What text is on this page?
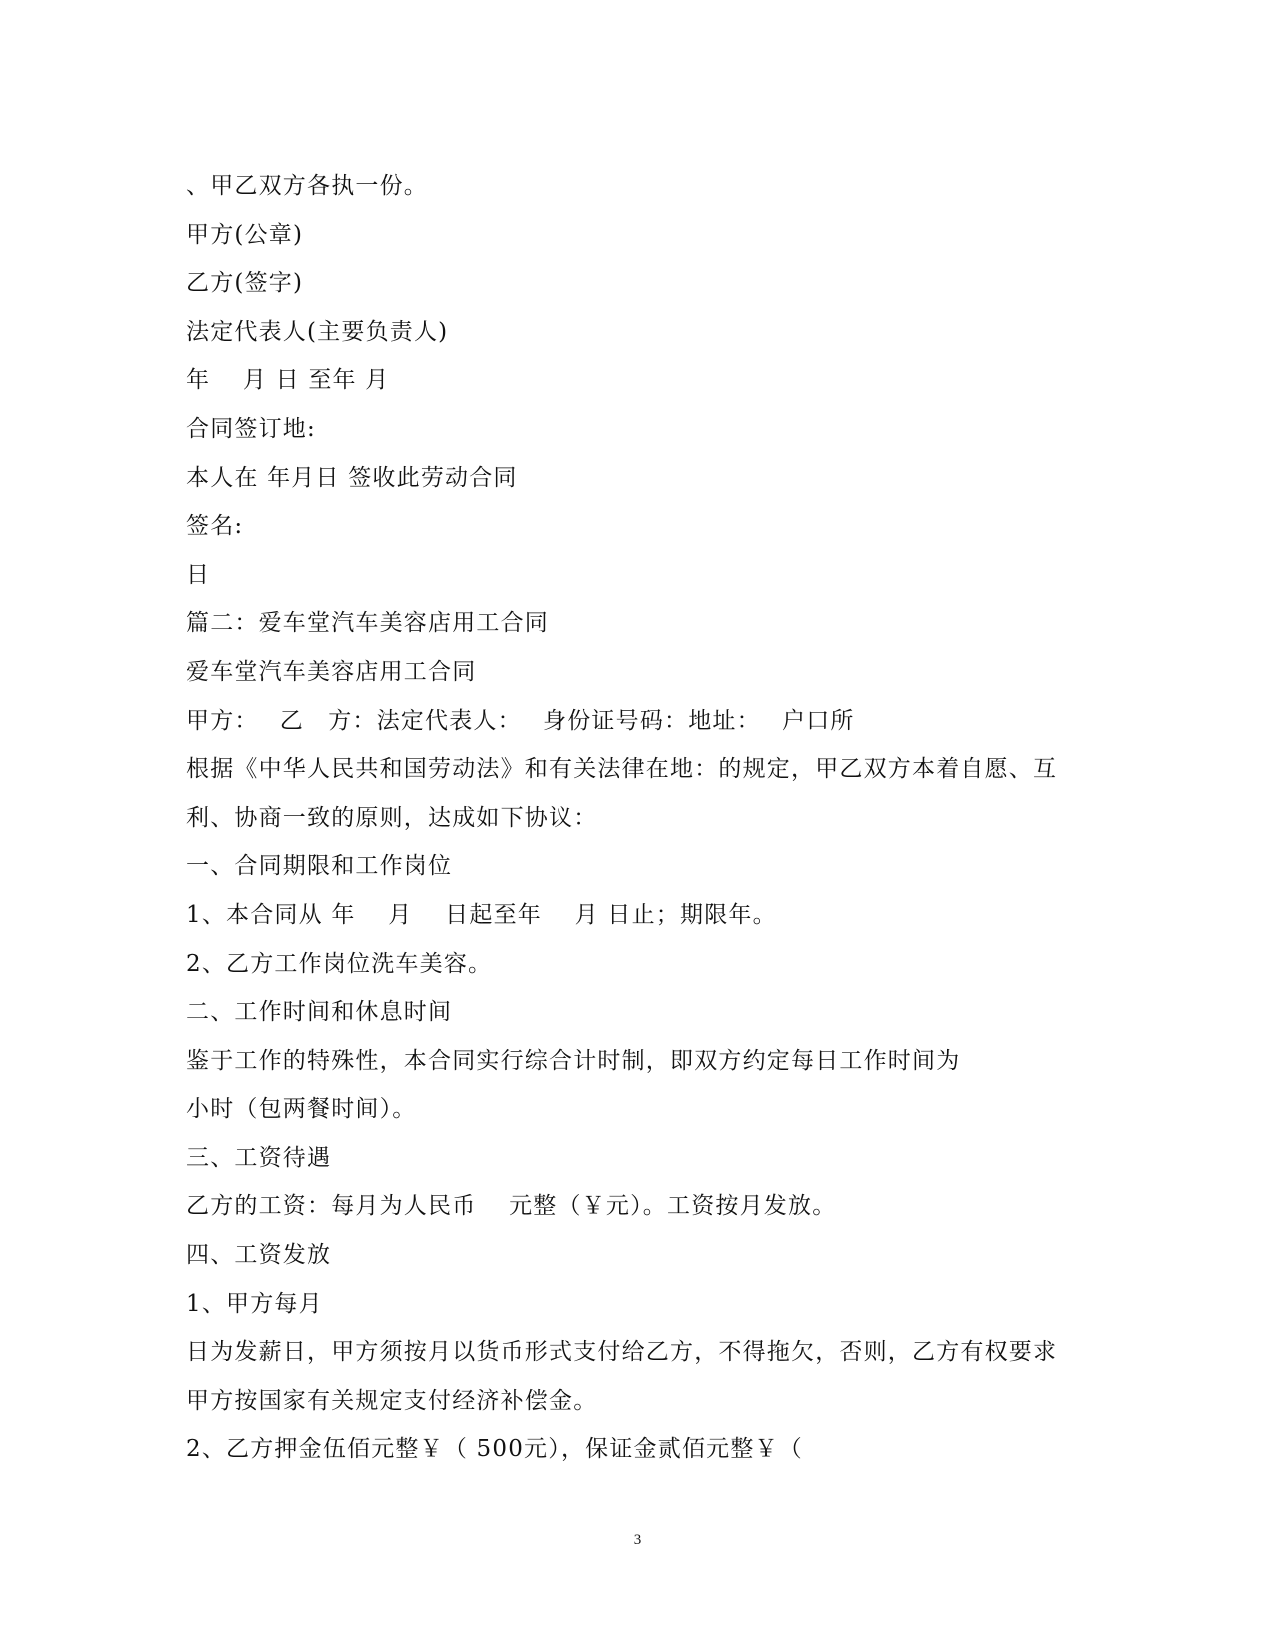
、甲乙双方各执一份。
甲方(公章)
乙方(签字)
法定代表人(主要负责人)
年　 月 日 至年 月
合同签订地:
本人在 年月日 签收此劳动合同
签名:
日
篇二：爱车堂汽车美容店用工合同
爱车堂汽车美容店用工合同
甲方：　 乙　方：法定代表人：　 身份证号码：地址：　 户口所
根据《中华人民共和国劳动法》和有关法律在地：的规定，甲乙双方本着自愿、互
利、协商一致的原则，达成如下协议：
一、合同期限和工作岗位
1、本合同从 年　 月　 日起至年　 月 日止；期限年。
2、乙方工作岗位洗车美容。
二、工作时间和休息时间
鉴于工作的特殊性，本合同实行综合计时制，即双方约定每日工作时间为
小时（包两餐时间）。
三、工资待遇
乙方的工资：每月为人民币　 元整（￥元）。工资按月发放。
四、工资发放
1、甲方每月
日为发薪日，甲方须按月以货币形式支付给乙方，不得拖欠，否则，乙方有权要求
甲方按国家有关规定支付经济补偿金。
2、乙方押金伍佰元整￥（ 500元），保证金贰佰元整￥（
3
